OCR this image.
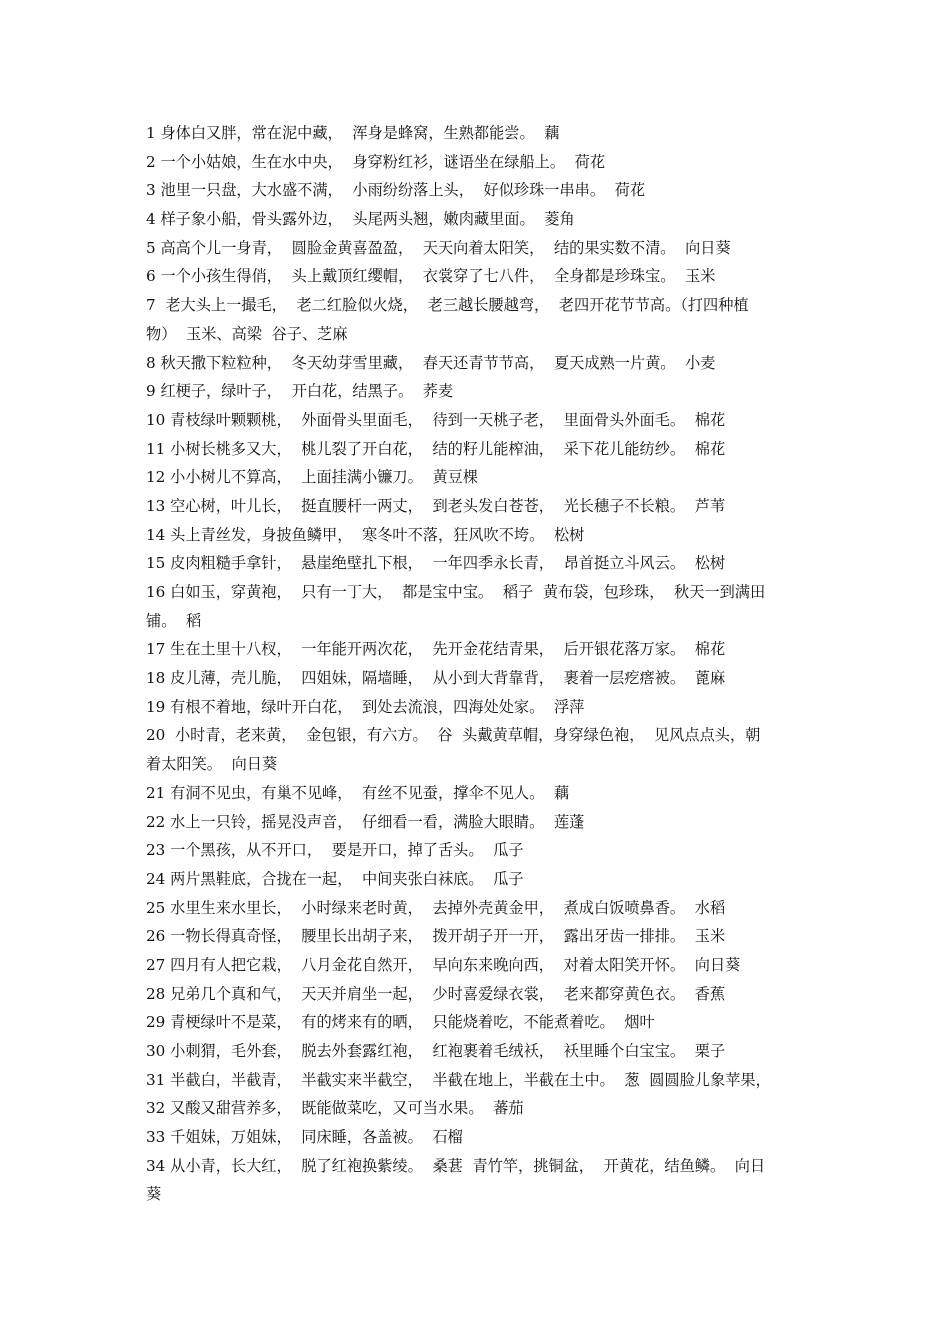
1 身体白又胖，常在泥中藏，  浑身是蜂窝，生熟都能尝。  藕
2 一个小姑娘，生在水中央，  身穿粉红衫，谜语坐在绿船上。  荷花
3 池里一只盘，大水盛不满，  小雨纷纷落上头，  好似珍珠一串串。  荷花
4 样子象小船，骨头露外边，  头尾两头翘，嫩肉藏里面。  菱角
5 高高个儿一身青，  圆脸金黄喜盈盈，  天天向着太阳笑，  结的果实数不清。  向日葵
6 一个小孩生得俏，  头上戴顶红缨帽，  衣裳穿了七八件，  全身都是珍珠宝。  玉米
7  老大头上一撮毛，  老二红脸似火烧，  老三越长腰越弯，  老四开花节节高。（打四种植
物）  玉米、高梁  谷子、芝麻
8 秋天撒下粒粒种，  冬天幼芽雪里藏，  春天还青节节高，  夏天成熟一片黄。  小麦
9 红梗子，绿叶子，  开白花，结黑子。  荞麦
10 青枝绿叶颗颗桃，  外面骨头里面毛，  待到一天桃子老，  里面骨头外面毛。  棉花
11 小树长桃多又大，  桃儿裂了开白花，  结的籽儿能榨油，  采下花儿能纺纱。  棉花
12 小小树儿不算高，  上面挂满小镰刀。  黄豆棵
13 空心树，叶儿长，  挺直腰杆一两丈，  到老头发白苍苍，  光长穗子不长粮。  芦苇
14 头上青丝发，身披鱼鳞甲，  寒冬叶不落，狂风吹不垮。  松树
15 皮肉粗糙手拿针，  悬崖绝壁扎下根，  一年四季永长青，  昂首挺立斗风云。  松树
16 白如玉，穿黄袍，  只有一丁大，  都是宝中宝。  稻子  黄布袋，包珍珠，  秋天一到满田
铺。  稻
17 生在土里十八杈，  一年能开两次花，  先开金花结青果，  后开银花落万家。  棉花
18 皮儿薄，壳儿脆，  四姐妹，隔墙睡，  从小到大背靠背，  裹着一层疙瘩被。  蓖麻
19 有根不着地，绿叶开白花，  到处去流浪，四海处处家。  浮萍
20  小时青，老来黄，  金包银，有六方。  谷  头戴黄草帽，身穿绿色袍，  见风点点头，朝
着太阳笑。  向日葵
21 有洞不见虫，有巢不见峰，  有丝不见蚕，撑伞不见人。  藕
22 水上一只铃，摇晃没声音，  仔细看一看，满脸大眼睛。  莲蓬
23 一个黑孩，从不开口，  要是开口，掉了舌头。  瓜子
24 两片黑鞋底，合拢在一起，  中间夹张白袜底。  瓜子
25 水里生来水里长，  小时绿来老时黄，  去掉外壳黄金甲，  煮成白饭喷鼻香。  水稻
26 一物长得真奇怪，  腰里长出胡子来，  拨开胡子开一开，  露出牙齿一排排。  玉米
27 四月有人把它栽，  八月金花自然开，  早向东来晚向西，  对着太阳笑开怀。  向日葵
28 兄弟几个真和气，  天天并肩坐一起，  少时喜爱绿衣裳，  老来都穿黄色衣。  香蕉
29 青梗绿叶不是菜，  有的烤来有的晒，  只能烧着吃，不能煮着吃。  烟叶
30 小刺猬，毛外套，  脱去外套露红袍，  红袍裹着毛绒袄，  袄里睡个白宝宝。  栗子
31 半截白，半截青，  半截实来半截空，  半截在地上，半截在土中。  葱  圆圆脸儿象苹果，
32 又酸又甜营养多，  既能做菜吃，又可当水果。  蕃茄
33 千姐妹，万姐妹，  同床睡，各盖被。  石榴
34 从小青，长大红，  脱了红袍换紫绫。  桑葚  青竹竿，挑铜盆，  开黄花，结鱼鳞。  向日
葵
